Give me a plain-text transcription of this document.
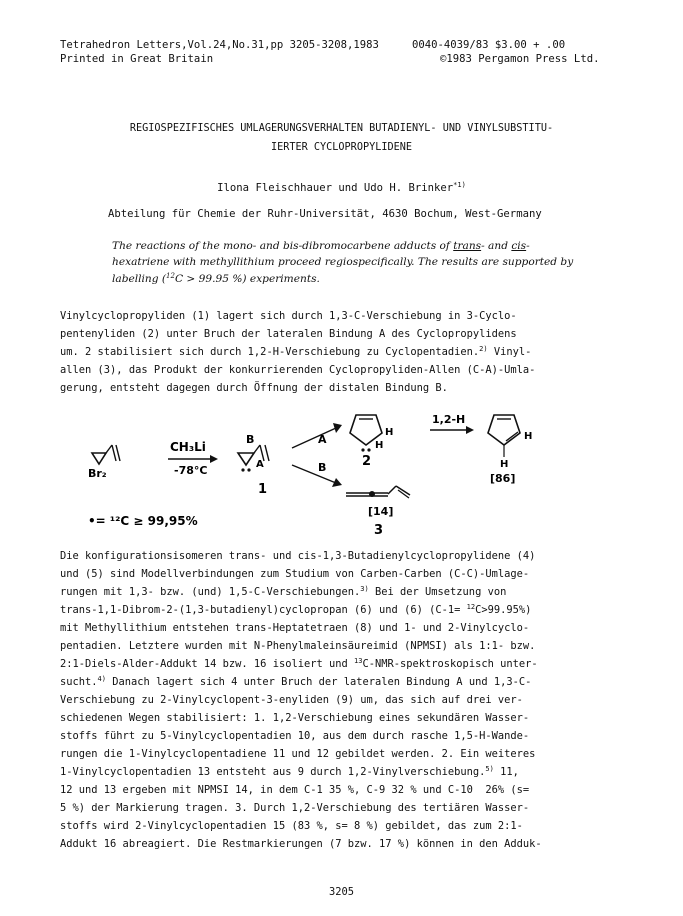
Tetrahedron Letters,Vol.24,No.31,pp 3205-3208,1983	0040-4039/83 $3.00 + .00
Printed in Great Britain	©1983 Pergamon Press Ltd.
REGIOSPEZIFISCHES UMLAGERUNGSVERHALTEN BUTADIENYL- UND VINYLSUBSTITU-
IERTER CYCLOPROPYLIDENE
Ilona Fleischhauer und Udo H. Brinker$^{*1)}$
Abteilung für Chemie der Ruhr-Universität, 4630 Bochum, West-Germany
The reactions of the mono- and bis-dibromocarbene adducts of trans- and cis-hexatriene with methyllithium proceed regiospecifically. The results are supported by labelling ($^{12}$C > 99.95 %) experiments.
Vinylcyclopropyliden (1) lagert sich durch 1,3-C-Verschiebung in 3-Cyclo-
pentenyliden (2) unter Bruch der lateralen Bindung A des Cyclopropylidens
um. 2 stabilisiert sich durch 1,2-H-Verschiebung zu Cyclopentadien.$^{2)}$ Vinyl-
allen (3), das Produkt der konkurrierenden Cyclopropyliden-Allen (C-A)-Umla-
gerung, entsteht dagegen durch Öffnung der distalen Bindung B.
Br₂
CH₃Li
-78°C
B
A
1
A
B
H
H
2
1,2-H
H
H
[86]
[14]
3
•= ¹²C ≥ 99,95%
Die konfigurationsisomeren trans- und cis-1,3-Butadienylcyclopropylidene (4)
und (5) sind Modellverbindungen zum Studium von Carben-Carben (C-C)-Umlage-
rungen mit 1,3- bzw. (und) 1,5-C-Verschiebungen.$^{3)}$ Bei der Umsetzung von
trans-1,1-Dibrom-2-(1,3-butadienyl)cyclopropan (6) und (6) (C-1= $^{12}$C>99.95%)
mit Methyllithium entstehen trans-Heptatetraen (8) und 1- und 2-Vinylcyclo-
pentadien. Letztere wurden mit N-Phenylmaleinsäureimid (NPMSI) als 1:1- bzw.
2:1-Diels-Alder-Addukt 14 bzw. 16 isoliert und $^{13}$C-NMR-spektroskopisch unter-
sucht.$^{4)}$ Danach lagert sich 4 unter Bruch der lateralen Bindung A und 1,3-C-
Verschiebung zu 2-Vinylcyclopent-3-enyliden (9) um, das sich auf drei ver-
schiedenen Wegen stabilisiert: 1. 1,2-Verschiebung eines sekundären Wasser-
stoffs führt zu 5-Vinylcyclopentadien 10, aus dem durch rasche 1,5-H-Wande-
rungen die 1-Vinylcyclopentadiene 11 und 12 gebildet werden. 2. Ein weiteres
1-Vinylcyclopentadien 13 entsteht aus 9 durch 1,2-Vinylverschiebung.$^{5)}$ 11,
12 und 13 ergeben mit NPMSI 14, in dem C-1 35 %, C-9 32 % und C-10  26% (s=
5 %) der Markierung tragen. 3. Durch 1,2-Verschiebung des tertiären Wasser-
stoffs wird 2-Vinylcyclopentadien 15 (83 %, s= 8 %) gebildet, das zum 2:1-
Addukt 16 abreagiert. Die Restmarkierungen (7 bzw. 17 %) können in den Adduk-
3205
